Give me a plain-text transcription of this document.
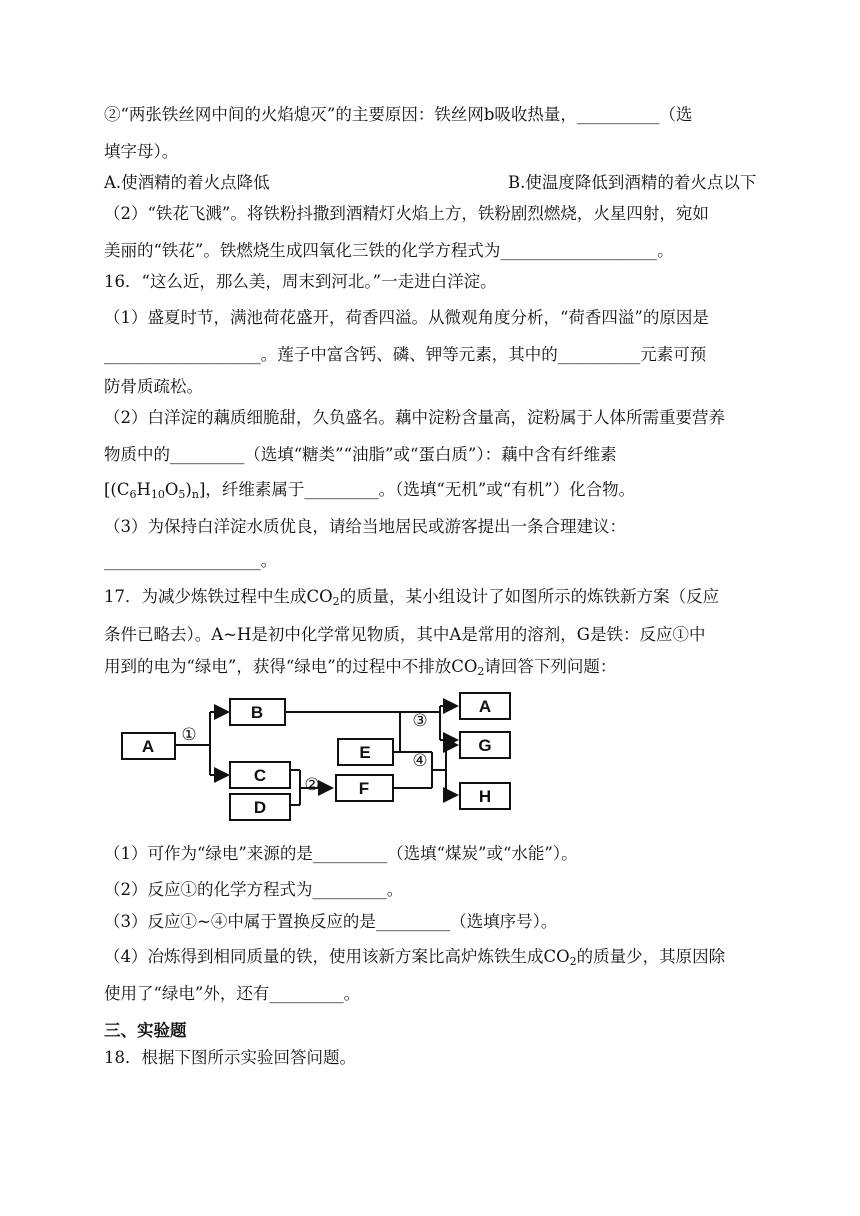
②“两张铁丝网中间的火焰熄灭”的主要原因：铁丝网b吸收热量，__________（选
填字母）。
A.使酒精的着火点降低	B.使温度降低到酒精的着火点以下
（2）“铁花飞溅”。将铁粉抖撒到酒精灯火焰上方，铁粉剧烈燃烧，火星四射，宛如
美丽的“铁花”。铁燃烧生成四氧化三铁的化学方程式为___________________。
16．“这么近，那么美，周末到河北。”一走进白洋淀。
（1）盛夏时节，满池荷花盛开，荷香四溢。从微观角度分析，“荷香四溢”的原因是
___________________。莲子中富含钙、磷、钾等元素，其中的__________元素可预
防骨质疏松。
（2）白洋淀的藕质细脆甜，久负盛名。藕中淀粉含量高，淀粉属于人体所需重要营养
物质中的_________（选填“糖类”“油脂”或“蛋白质”）：藕中含有纤维素
$[(C_6H_{10}O_5)_n]$，纤维素属于_________。（选填“无机”或“有机”）化合物。
（3）为保持白洋淀水质优良，请给当地居民或游客提出一条合理建议：
___________________。
17．为减少炼铁过程中生成$CO_2$的质量，某小组设计了如图所示的炼铁新方案（反应
条件已略去）。A~H是初中化学常见物质，其中A是常用的溶剂，G是铁：反应①中
用到的电为“绿电”，获得“绿电”的过程中不排放$CO_2$请回答下列问题：
A
B
C
D
E
F
A
G
H
①
②
③
④
（1）可作为“绿电”来源的是_________（选填“煤炭”或“水能”）。
（2）反应①的化学方程式为_________。
（3）反应①~④中属于置换反应的是_________（选填序号）。
（4）冶炼得到相同质量的铁，使用该新方案比高炉炼铁生成$CO_2$的质量少，其原因除
使用了“绿电”外，还有_________。
三、实验题
18．根据下图所示实验回答问题。
